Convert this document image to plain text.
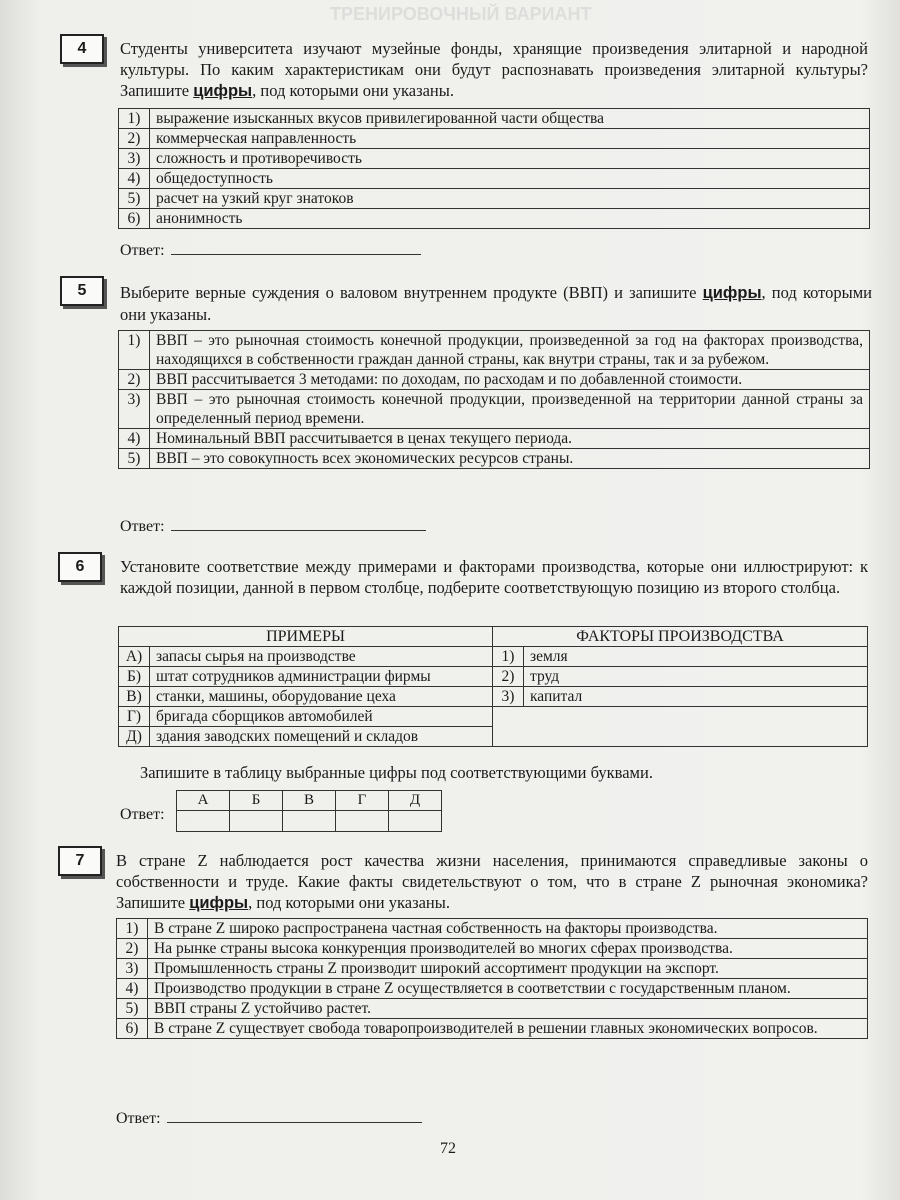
ТРЕНИРОВОЧНЫЙ ВАРИАНТ
4	Студенты университета изучают музейные фонды, хранящие произведения элитарной и народной культуры. По каким характеристикам они будут распознавать произведения элитарной культуры? Запишите цифры, под которыми они указаны.
1)	выражение изысканных вкусов привилегированной части общества
2)	коммерческая направленность
3)	сложность и противоречивость
4)	общедоступность
5)	расчет на узкий круг знатоков
6)	анонимность
Ответ:
5	Выберите верные суждения о валовом внутреннем продукте (ВВП) и запишите цифры, под которыми они указаны.
1)	ВВП – это рыночная стоимость конечной продукции, произведенной за год на факторах производства, находящихся в собственности граждан данной страны, как внутри страны, так и за рубежом.
2)	ВВП рассчитывается 3 методами: по доходам, по расходам и по добавленной стоимости.
3)	ВВП – это рыночная стоимость конечной продукции, произведенной на территории данной страны за определенный период времени.
4)	Номинальный ВВП рассчитывается в ценах текущего периода.
5)	ВВП – это совокупность всех экономических ресурсов страны.
Ответ:
6	Установите соответствие между примерами и факторами производства, которые они иллюстрируют: к каждой позиции, данной в первом столбце, подберите соответствующую позицию из второго столбца.
ПРИМЕРЫ		ФАКТОРЫ ПРОИЗВОДСТВА	
А)	запасы сырья на производстве	1)	земля
Б)	штат сотрудников администрации фирмы	2)	труд
В)	станки, машины, оборудование цеха	3)	капитал
Г)	бригада сборщиков автомобилей		
Д)	здания заводских помещений и складов		
Запишите в таблицу выбранные цифры под соответствующими буквами.
Ответ:
А	Б	В	Г	Д

7	В стране Z наблюдается рост качества жизни населения, принимаются справедливые законы о собственности и труде. Какие факты свидетельствуют о том, что в стране Z рыночная экономика? Запишите цифры, под которыми они указаны.
1)	В стране Z широко распространена частная собственность на факторы производства.
2)	На рынке страны высока конкуренция производителей во многих сферах производства.
3)	Промышленность страны Z производит широкий ассортимент продукции на экспорт.
4)	Производство продукции в стране Z осуществляется в соответствии с государственным планом.
5)	ВВП страны Z устойчиво растет.
6)	В стране Z существует свобода товаропроизводителей в решении главных экономических вопросов.
Ответ:
72
